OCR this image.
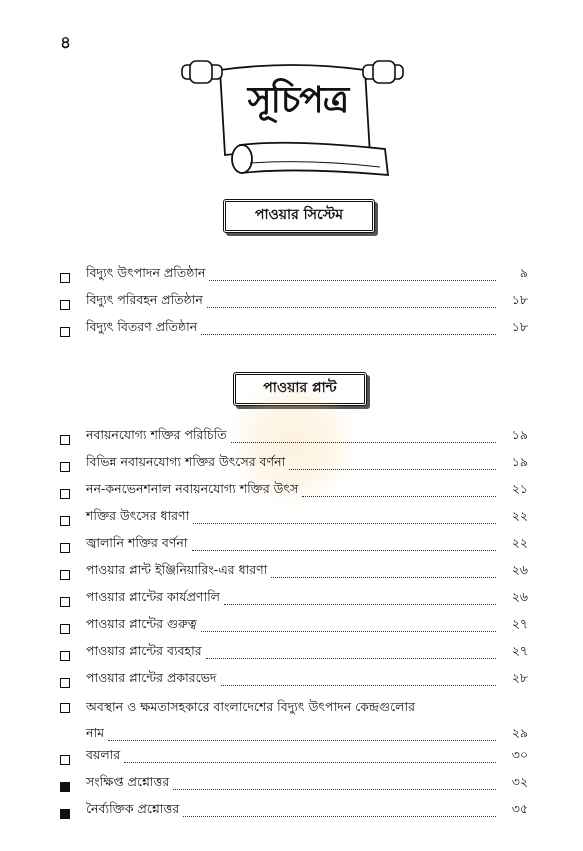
৪
সূচিপত্র
পাওয়ার সিস্টেম
পাওয়ার প্লান্ট
বিদ্যুৎ উৎপাদন প্রতিষ্ঠান	৯
বিদ্যুৎ পরিবহন প্রতিষ্ঠান	১৮
বিদ্যুৎ বিতরণ প্রতিষ্ঠান	১৮
নবায়নযোগ্য শক্তির পরিচিতি	১৯
বিভিন্ন নবায়নযোগ্য শক্তির উৎসের বর্ণনা	১৯
নন-কনভেনশনাল নবায়নযোগ্য শক্তির উৎস	২১
শক্তির উৎসের ধারণা	২২
জ্বালানি শক্তির বর্ণনা	২২
পাওয়ার প্লান্ট ইঞ্জিনিয়ারিং-এর ধারণা	২৬
পাওয়ার প্লান্টের কার্যপ্রণালি	২৬
পাওয়ার প্লান্টের গুরুত্ব	২৭
পাওয়ার প্লান্টের ব্যবহার	২৭
পাওয়ার প্লান্টের প্রকারভেদ	২৮
অবস্থান ও ক্ষমতাসহকারে বাংলাদেশের বিদ্যুৎ উৎপাদন কেন্দ্রগুলোর
নাম	২৯
বয়লার	৩০
সংক্ষিপ্ত প্রশ্নোত্তর	৩২
নৈর্ব্যক্তিক প্রশ্নোত্তর	৩৫
